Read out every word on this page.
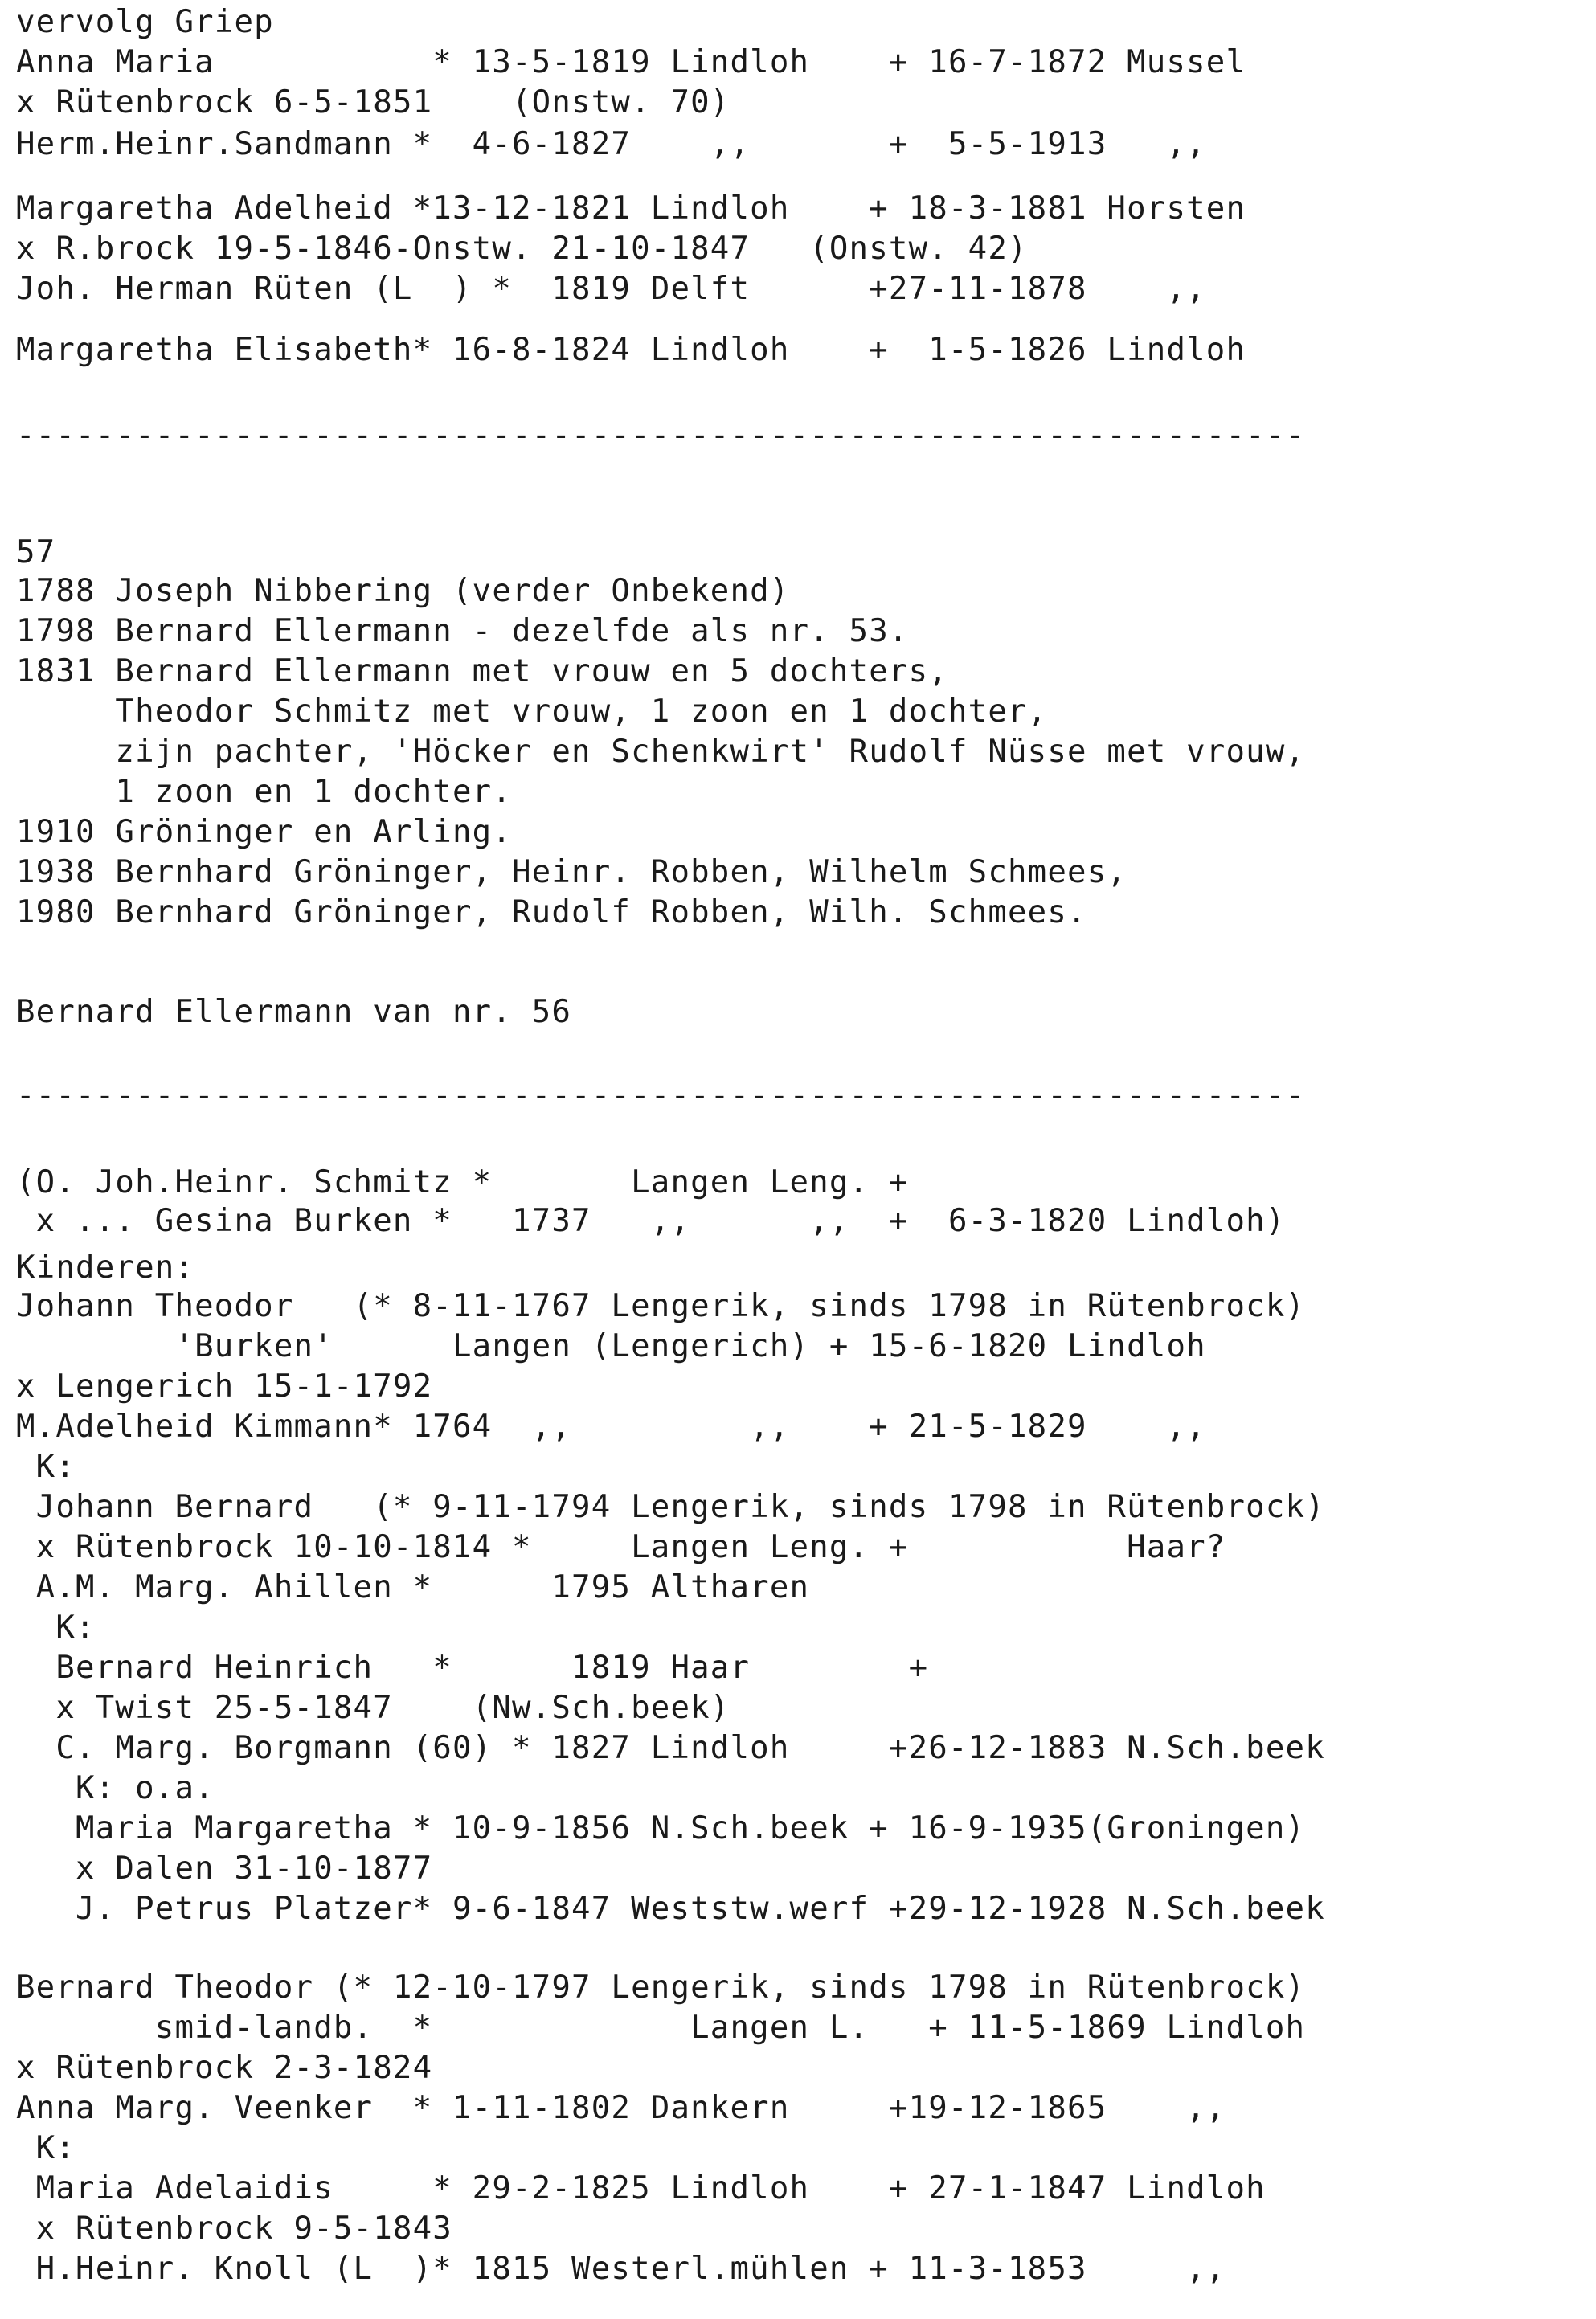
vervolg Griep

Anna Maria           * 13-5-1819 Lindloh    + 16-7-1872 Mussel

x Rütenbrock 6-5-1851    (Onstw. 70)

Herm.Heinr.Sandmann *  4-6-1827    ,,       +  5-5-1913   ,,

Margaretha Adelheid *13-12-1821 Lindloh    + 18-3-1881 Horsten

x R.brock 19-5-1846-Onstw. 21-10-1847   (Onstw. 42)

Joh. Herman Rüten (L  ) *  1819 Delft      +27-11-1878    ,,

Margaretha Elisabeth* 16-8-1824 Lindloh    +  1-5-1826 Lindloh

-----------------------------------------------------------------

57

1788 Joseph Nibbering (verder Onbekend)

1798 Bernard Ellermann - dezelfde als nr. 53.

1831 Bernard Ellermann met vrouw en 5 dochters,

Theodor Schmitz met vrouw, 1 zoon en 1 dochter,

zijn pachter, 'Höcker en Schenkwirt' Rudolf Nüsse met vrouw,

1 zoon en 1 dochter.

1910 Gröninger en Arling.

1938 Bernhard Gröninger, Heinr. Robben, Wilhelm Schmees,

1980 Bernhard Gröninger, Rudolf Robben, Wilh. Schmees.

Bernard Ellermann van nr. 56

-----------------------------------------------------------------

(O. Joh.Heinr. Schmitz *       Langen Leng. +

x ... Gesina Burken *   1737   ,,      ,,  +  6-3-1820 Lindloh)

Kinderen:

Johann Theodor   (* 8-11-1767 Lengerik, sinds 1798 in Rütenbrock)

'Burken'      Langen (Lengerich) + 15-6-1820 Lindloh

x Lengerich 15-1-1792

M.Adelheid Kimmann* 1764  ,,         ,,    + 21-5-1829    ,,

K:

Johann Bernard   (* 9-11-1794 Lengerik, sinds 1798 in Rütenbrock)

x Rütenbrock 10-10-1814 *     Langen Leng. +           Haar?

A.M. Marg. Ahillen *      1795 Altharen

K:

Bernard Heinrich   *      1819 Haar        +

x Twist 25-5-1847    (Nw.Sch.beek)

C. Marg. Borgmann (60) * 1827 Lindloh     +26-12-1883 N.Sch.beek

K: o.a.

Maria Margaretha * 10-9-1856 N.Sch.beek + 16-9-1935(Groningen)

x Dalen 31-10-1877

J. Petrus Platzer* 9-6-1847 Weststw.werf +29-12-1928 N.Sch.beek

Bernard Theodor (* 12-10-1797 Lengerik, sinds 1798 in Rütenbrock)

smid-landb.  *             Langen L.   + 11-5-1869 Lindloh

x Rütenbrock 2-3-1824

Anna Marg. Veenker  * 1-11-1802 Dankern     +19-12-1865    ,,

K:

Maria Adelaidis     * 29-2-1825 Lindloh    + 27-1-1847 Lindloh

x Rütenbrock 9-5-1843

H.Heinr. Knoll (L  )* 1815 Westerl.mühlen + 11-3-1853     ,,
